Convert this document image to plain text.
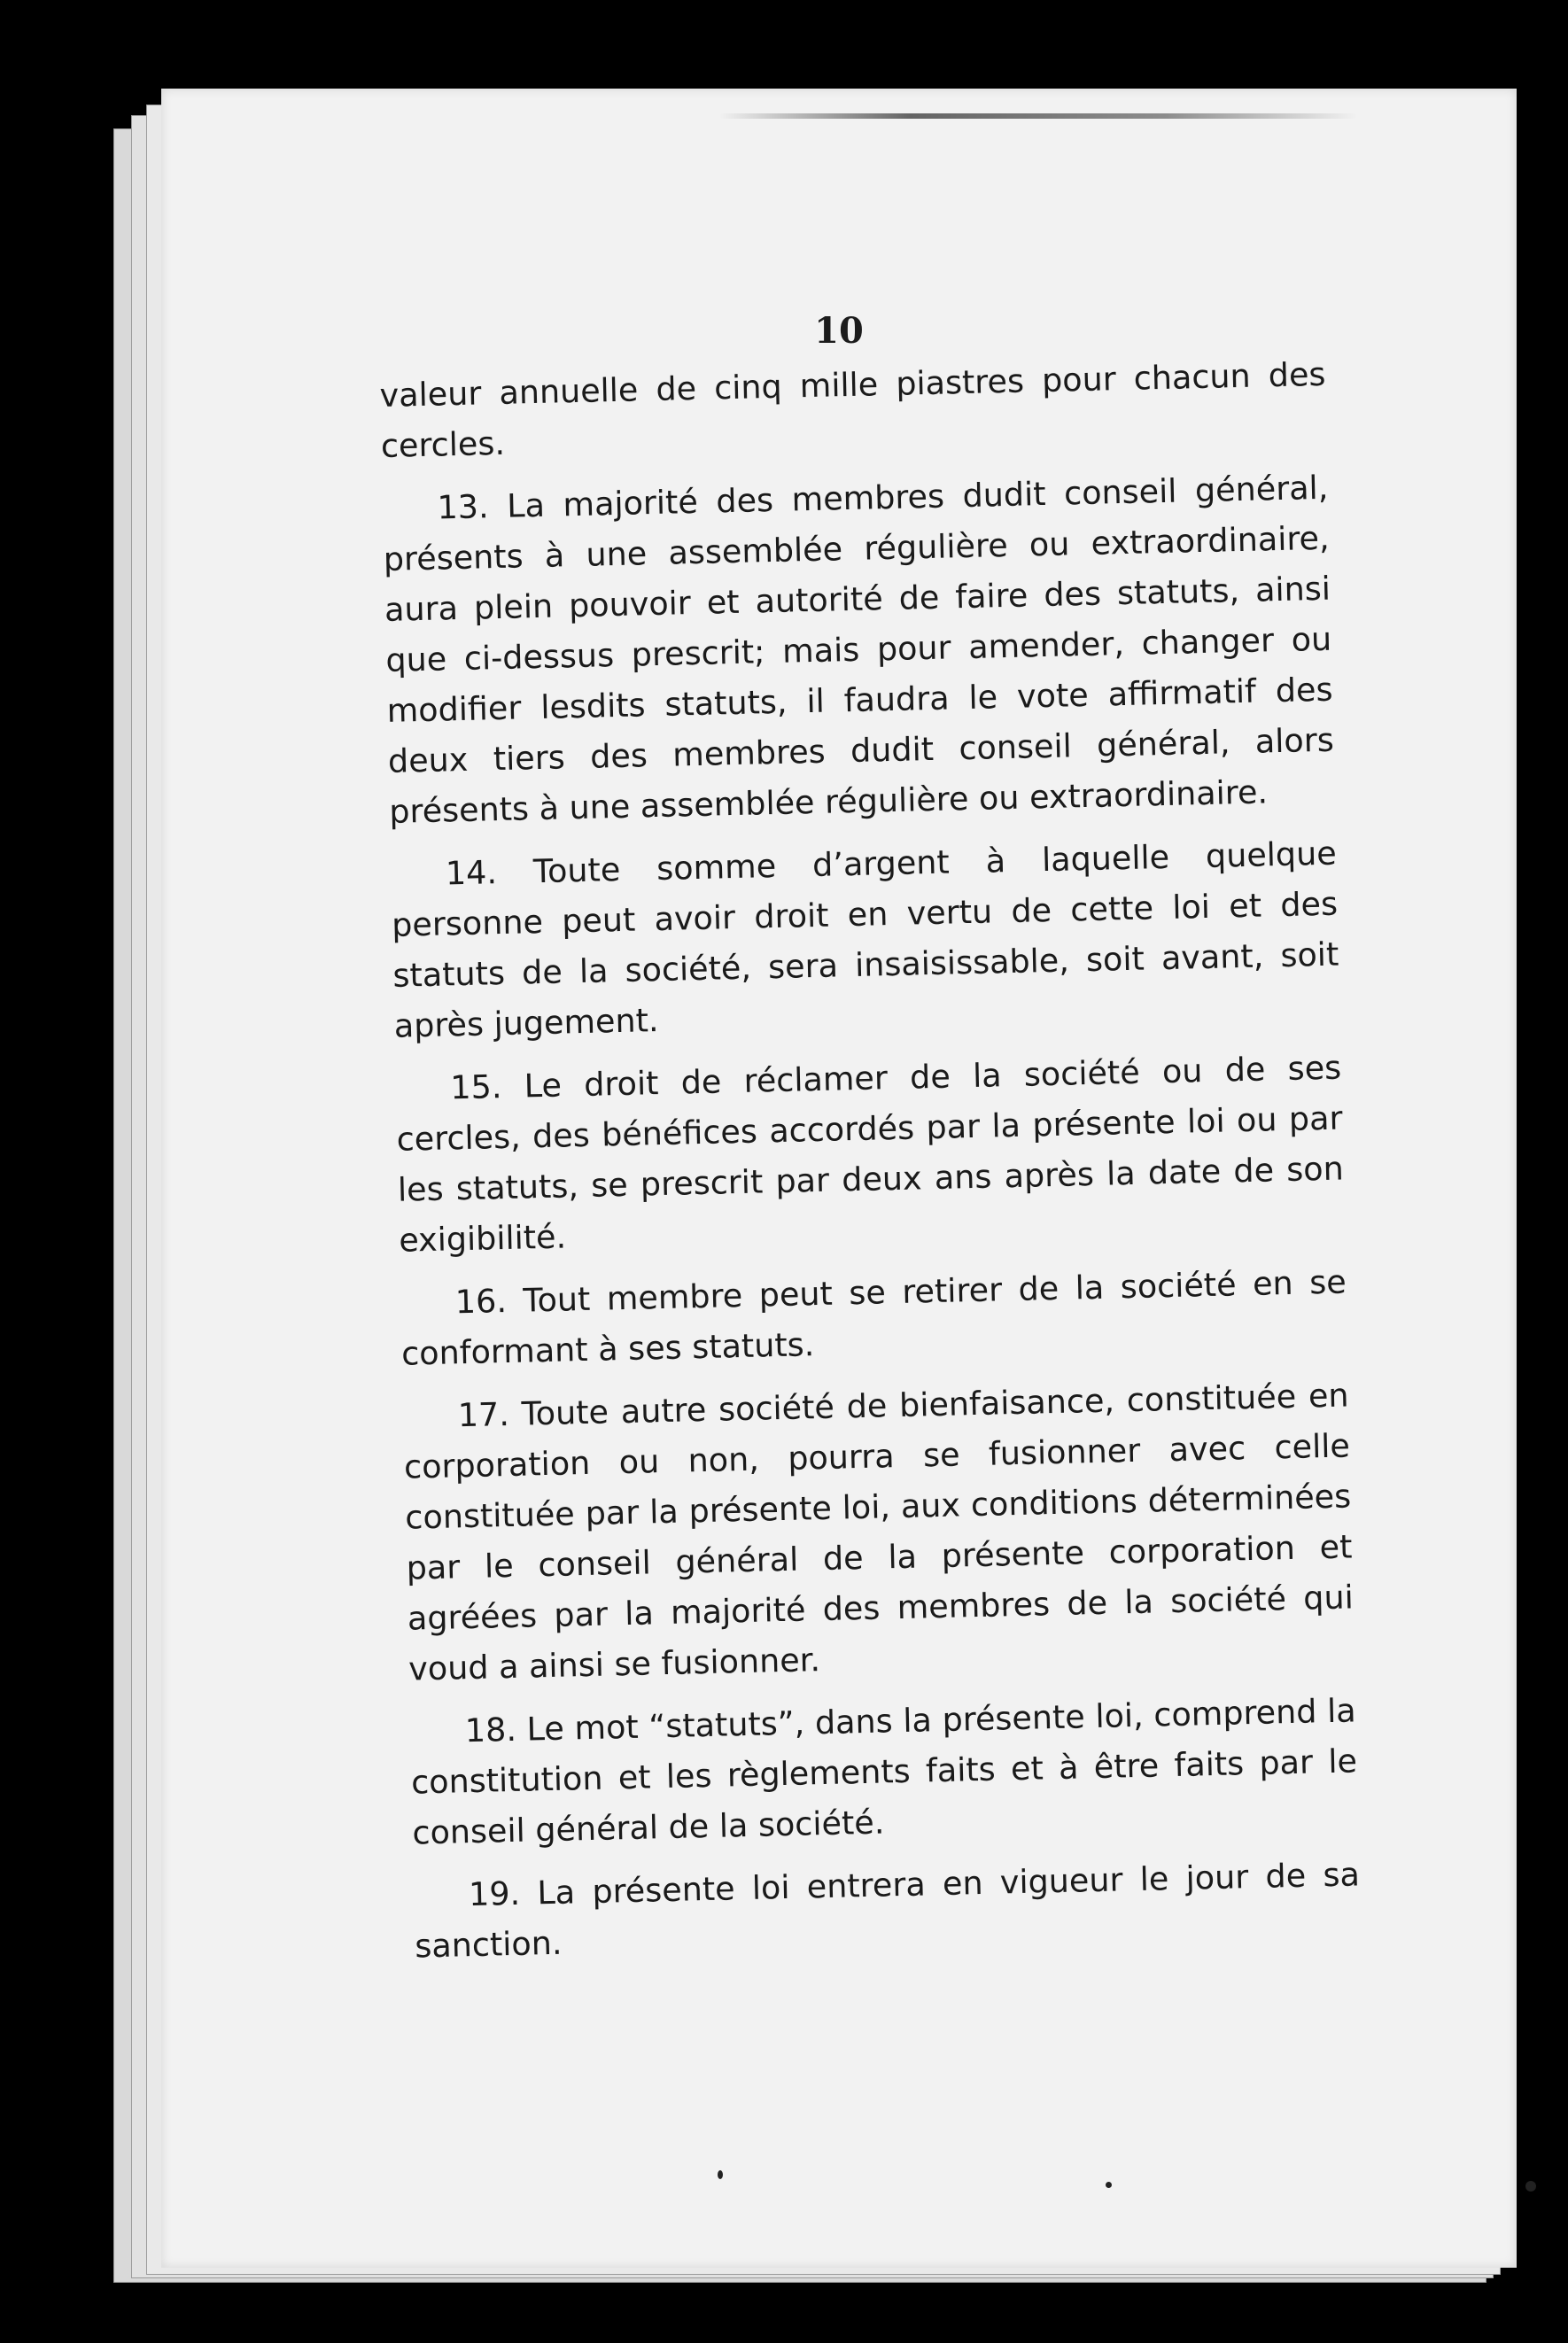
10

valeur annuelle de cinq mille piastres pour chacun des cercles.

13. La majorité des membres dudit conseil général, présents à une assemblée régulière ou extraordinaire, aura plein pouvoir et autorité de faire des statuts, ainsi que ci-dessus prescrit; mais pour amender, changer ou modifier lesdits statuts, il faudra le vote affirmatif des deux tiers des membres dudit conseil général, alors présents à une assemblée régulière ou extraordinaire.

14. Toute somme d’argent à laquelle quelque personne peut avoir droit en vertu de cette loi et des statuts de la société, sera insaisissable, soit avant, soit après jugement.

15. Le droit de réclamer de la société ou de ses cercles, des bénéfices accordés par la présente loi ou par les statuts, se prescrit par deux ans après la date de son exigibilité.

16. Tout membre peut se retirer de la société en se conformant à ses statuts.

17. Toute autre société de bienfaisance, constituée en corporation ou non, pourra se fusionner avec celle constituée par la présente loi, aux conditions déterminées par le conseil général de la présente corporation et agréées par la majorité des membres de la société qui voud a ainsi se fusionner.

18. Le mot “statuts”, dans la présente loi, comprend la constitution et les règlements faits et à être faits par le conseil général de la société.

19. La présente loi entrera en vigueur le jour de sa sanction.
